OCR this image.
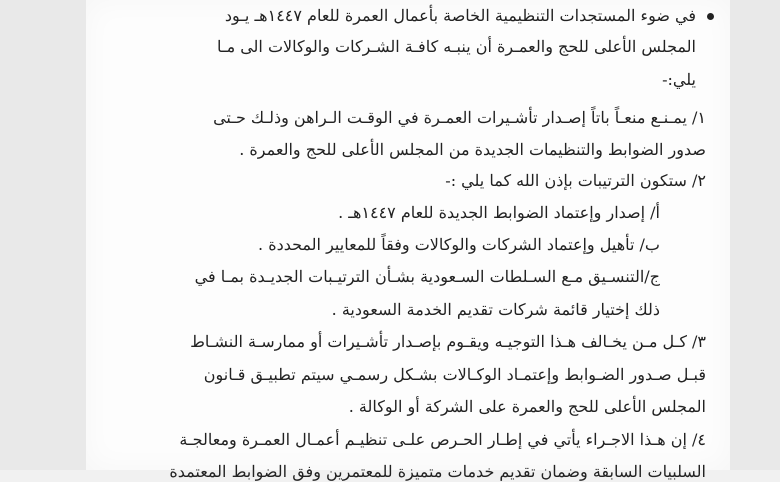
في ضوء المستجدات التنظيمية الخاصة بأعمال العمرة للعام ١٤٤٧هـ يـود
المجلس الأعلى للحج والعمـرة أن ينبـه كافـة الشـركات والوكالات الى مـا
يلي:-
١/ يمـنـع منعـاً باتاً إصـدار تأشـيرات العمـرة في الوقـت الـراهن وذلـك حـتى
صدور الضوابط والتنظيمات الجديدة من المجلس الأعلى للحج والعمرة .
٢/ ستكون الترتيبات بإذن الله كما يلي :-
أ/ إصدار وإعتماد الضوابط الجديدة للعام ١٤٤٧هـ .
ب/ تأهيل وإعتماد الشركات والوكالات وفقاً للمعايير المحددة .
ج/التنسـيق مـع السـلطات السـعودية بشـأن الترتيـبات الجديـدة بمـا في
ذلك إختيار قائمة شركات تقديم الخدمة السعودية .
٣/ كـل مـن يخـالف هـذا التوجيـه ويقـوم بإصـدار تأشـيرات أو ممارسـة النشـاط
قبـل صـدور الضـوابط وإعتمـاد الوكـالات بشـكل رسمـي سيتم تطبيـق قـانون
المجلس الأعلى للحج والعمرة على الشركة أو الوكالة .
٤/ إن هـذا الاجـراء يأتي في إطـار الحـرص علـى تنظيـم أعمـال العمـرة ومعالجـة
السلبيات السابقة وضمان تقديم خدمات متميزة للمعتمرين وفق الضوابط المعتمدة
